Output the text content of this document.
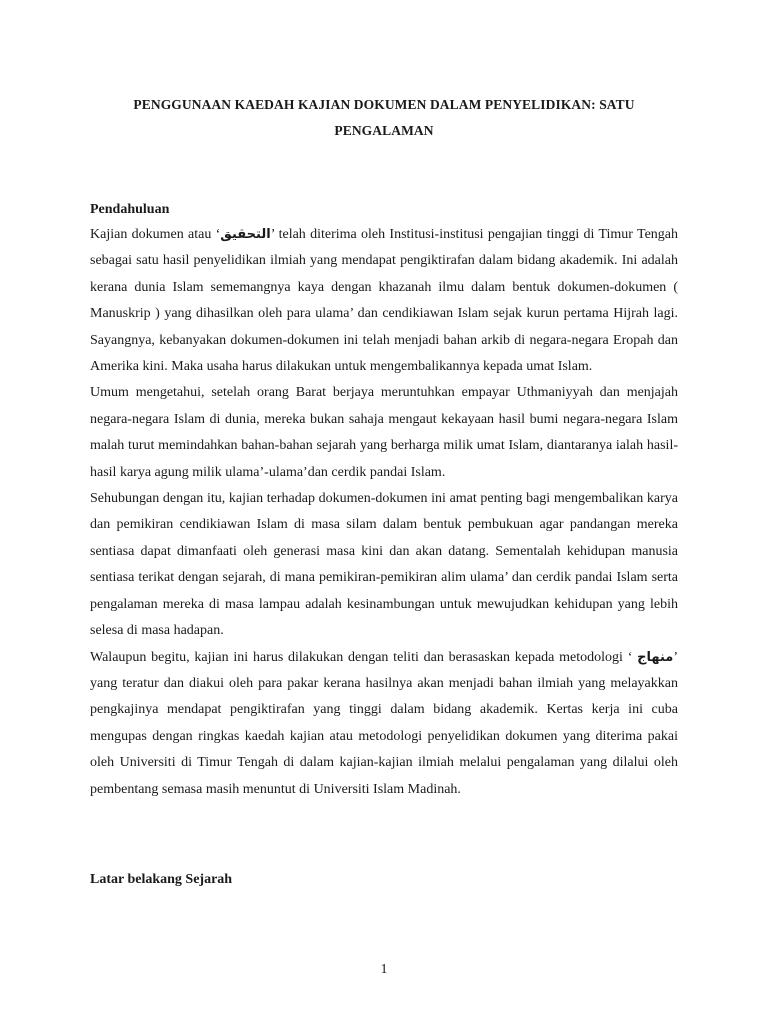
PENGGUNAAN KAEDAH KAJIAN DOKUMEN DALAM PENYELIDIKAN: SATU PENGALAMAN
Pendahuluan

Kajian dokumen atau ‘التحقيق’ telah diterima oleh Institusi-institusi pengajian tinggi di Timur Tengah sebagai satu hasil penyelidikan ilmiah yang mendapat pengiktirafan dalam bidang akademik. Ini adalah kerana dunia Islam sememangnya kaya dengan khazanah ilmu dalam bentuk dokumen-dokumen ( Manuskrip ) yang dihasilkan oleh para ulama’ dan cendikiawan Islam sejak kurun pertama Hijrah lagi. Sayangnya, kebanyakan dokumen-dokumen ini telah menjadi bahan arkib di negara-negara Eropah dan Amerika kini. Maka usaha harus dilakukan untuk mengembalikannya kepada umat Islam.

Umum mengetahui, setelah orang Barat berjaya meruntuhkan empayar Uthmaniyyah dan menjajah negara-negara Islam di dunia, mereka bukan sahaja mengaut kekayaan hasil bumi negara-negara Islam malah turut memindahkan bahan-bahan sejarah yang berharga milik umat Islam, diantaranya ialah hasil-hasil karya agung milik ulama’-ulama’dan cerdik pandai Islam.

Sehubungan dengan itu, kajian terhadap dokumen-dokumen ini amat penting bagi mengembalikan karya dan pemikiran cendikiawan Islam di masa silam dalam bentuk pembukuan agar pandangan mereka sentiasa dapat dimanfaati oleh generasi masa kini dan akan datang. Sementalah kehidupan manusia sentiasa terikat dengan sejarah, di mana pemikiran-pemikiran alim ulama’ dan cerdik pandai Islam serta pengalaman mereka di masa lampau adalah kesinambungan untuk mewujudkan kehidupan yang lebih selesa di masa hadapan.

Walaupun begitu, kajian ini harus dilakukan dengan teliti dan berasaskan kepada metodologi ‘ منهاج’ yang teratur dan diakui oleh para pakar kerana hasilnya akan menjadi bahan ilmiah yang melayakkan pengkajinya mendapat pengiktirafan yang tinggi dalam bidang akademik. Kertas kerja ini cuba mengupas dengan ringkas kaedah kajian atau metodologi penyelidikan dokumen yang diterima pakai oleh Universiti di Timur Tengah di dalam kajian-kajian ilmiah melalui pengalaman yang dilalui oleh pembentang semasa masih menuntut di Universiti Islam Madinah.

Latar belakang Sejarah
1
